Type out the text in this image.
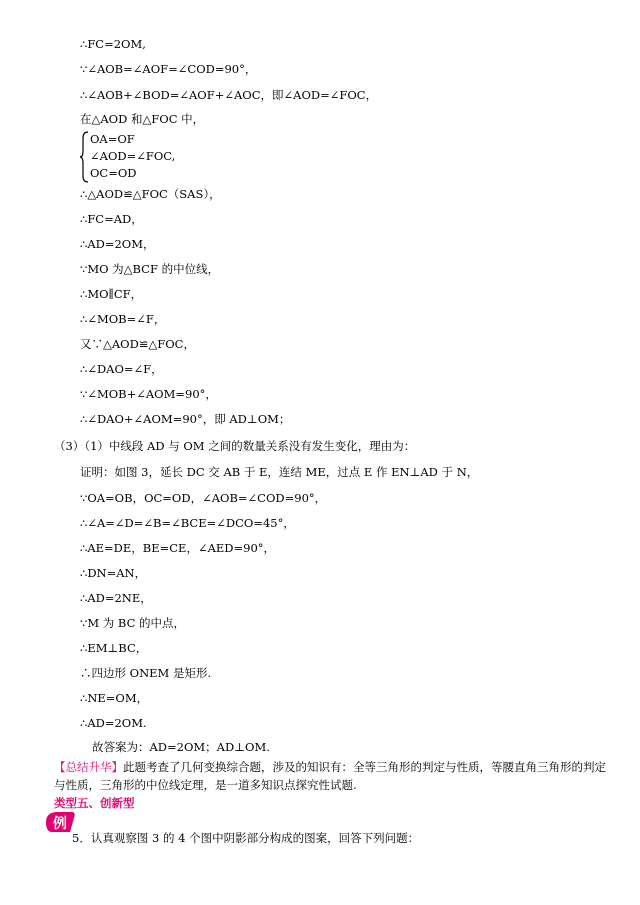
∴FC=2OM,
∵∠AOB=∠AOF=∠COD=90°，
∴∠AOB+∠BOD=∠AOF+∠AOC，即∠AOD=∠FOC，
在△AOD 和△FOC 中，
OA=OF
∠AOD=∠FOC,
OC=OD
∴△AOD≌△FOC（SAS），
∴FC=AD，
∴AD=2OM，
∵MO 为△BCF 的中位线，
∴MO∥CF，
∴∠MOB=∠F，
又∵△AOD≌△FOC，
∴∠DAO=∠F，
∵∠MOB+∠AOM=90°，
∴∠DAO+∠AOM=90°，即 AD⊥OM；
（3）（1）中线段 AD 与 OM 之间的数量关系没有发生变化，理由为：
证明：如图 3，延长 DC 交 AB 于 E，连结 ME，过点 E 作 EN⊥AD 于 N，
∵OA=OB，OC=OD，∠AOB=∠COD=90°，
∴∠A=∠D=∠B=∠BCE=∠DCO=45°，
∴AE=DE，BE=CE，∠AED=90°，
∴DN=AN，
∴AD=2NE，
∵M 为 BC 的中点，
∴EM⊥BC，
∴四边形 ONEM 是矩形.
∴NE=OM，
∴AD=2OM.
故答案为：AD=2OM；AD⊥OM.
【总结升华】此题考查了几何变换综合题，涉及的知识有：全等三角形的判定与性质，等腰直角三角形的判定与性质，三角形的中位线定理，是一道多知识点探究性试题.
类型五、创新型
例
5．认真观察图 3 的 4 个图中阴影部分构成的图案，回答下列问题：
